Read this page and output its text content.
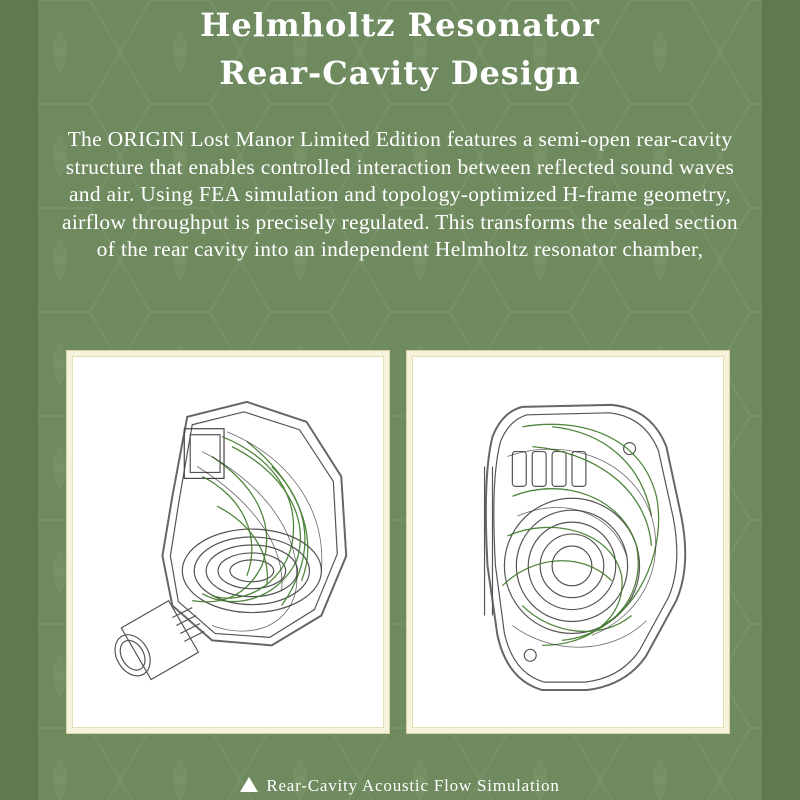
Helmholtz Resonator
Rear-Cavity Design
The ORIGIN Lost Manor Limited Edition features a semi-open rear-cavity structure that enables controlled interaction between reflected sound waves and air. Using FEA simulation and topology-optimized H-frame geometry, airflow throughput is precisely regulated. This transforms the sealed section of the rear cavity into an independent Helmholtz resonator chamber,
Rear-Cavity Acoustic Flow Simulation
